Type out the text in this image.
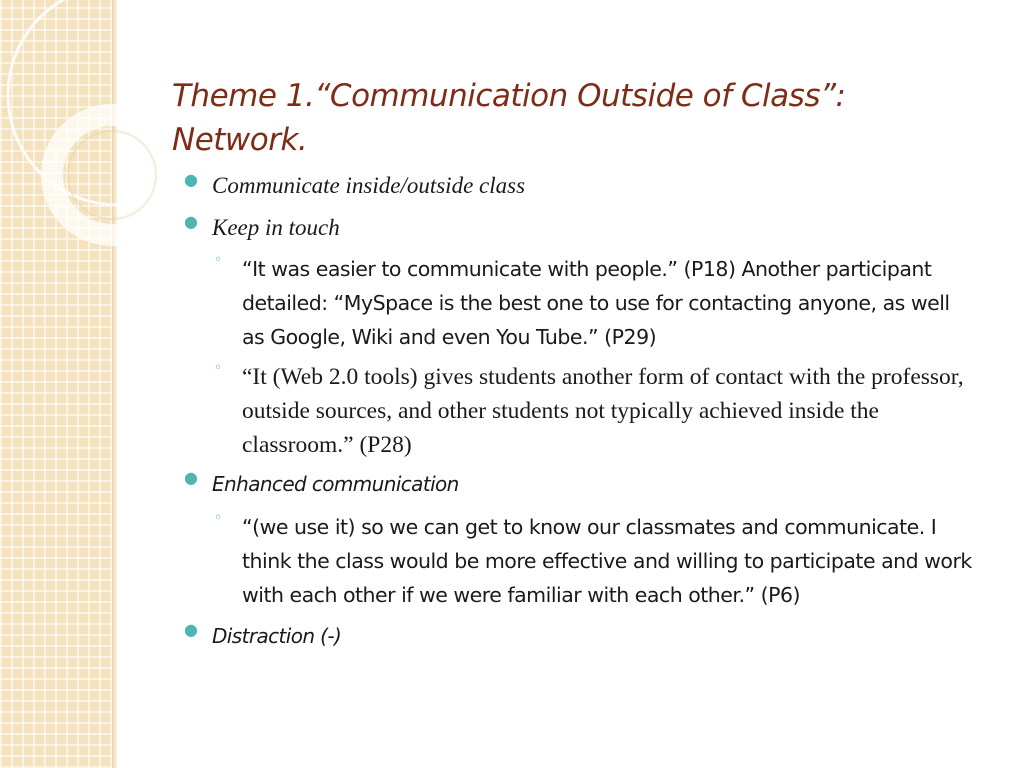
Theme 1.“Communication Outside of Class”: Network.
● Communicate inside/outside class
● Keep in touch
◦ “It was easier to communicate with people.” (P18) Another participant detailed: “MySpace is the best one to use for contacting anyone, as well as Google, Wiki and even You Tube.” (P29)
◦ “It (Web 2.0 tools) gives students another form of contact with the professor, outside sources, and other students not typically achieved inside the classroom.” (P28)
● Enhanced communication
◦ “(we use it) so we can get to know our classmates and communicate. I think the class would be more effective and willing to participate and work with each other if we were familiar with each other.” (P6)
● Distraction (-)
